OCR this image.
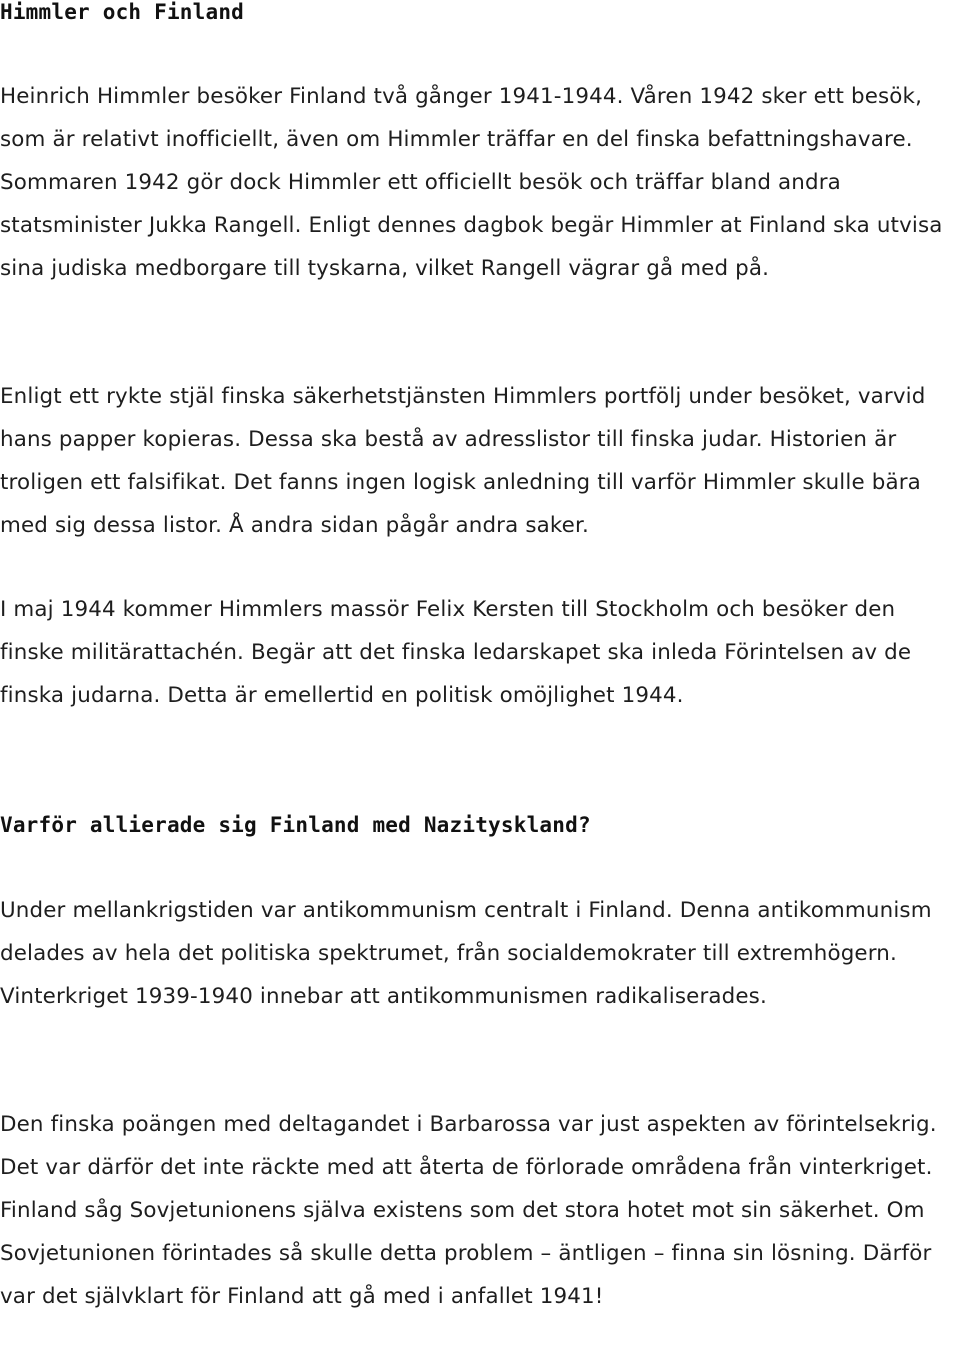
Himmler och Finland

Heinrich Himmler besöker Finland två gånger 1941-1944. Våren 1942 sker ett besök, som är relativt inofficiellt, även om Himmler träffar en del finska befattningshavare. Sommaren 1942 gör dock Himmler ett officiellt besök och träffar bland andra statsminister Jukka Rangell. Enligt dennes dagbok begär Himmler at Finland ska utvisa sina judiska medborgare till tyskarna, vilket Rangell vägrar gå med på.

Enligt ett rykte stjäl finska säkerhetstjänsten Himmlers portfölj under besöket, varvid hans papper kopieras. Dessa ska bestå av adresslistor till finska judar. Historien är troligen ett falsifikat. Det fanns ingen logisk anledning till varför Himmler skulle bära med sig dessa listor. Å andra sidan pågår andra saker.

I maj 1944 kommer Himmlers massör Felix Kersten till Stockholm och besöker den finske militärattachén. Begär att det finska ledarskapet ska inleda Förintelsen av de finska judarna. Detta är emellertid en politisk omöjlighet 1944.

Varför allierade sig Finland med Nazityskland?

Under mellankrigstiden var antikommunism centralt i Finland. Denna antikommunism delades av hela det politiska spektrumet, från socialdemokrater till extremhögern. Vinterkriget 1939-1940 innebar att antikommunismen radikaliserades.

Den finska poängen med deltagandet i Barbarossa var just aspekten av förintelsekrig. Det var därför det inte räckte med att återta de förlorade områdena från vinterkriget. Finland såg Sovjetunionens själva existens som det stora hotet mot sin säkerhet. Om Sovjetunionen förintades så skulle detta problem – äntligen – finna sin lösning. Därför var det självklart för Finland att gå med i anfallet 1941!
